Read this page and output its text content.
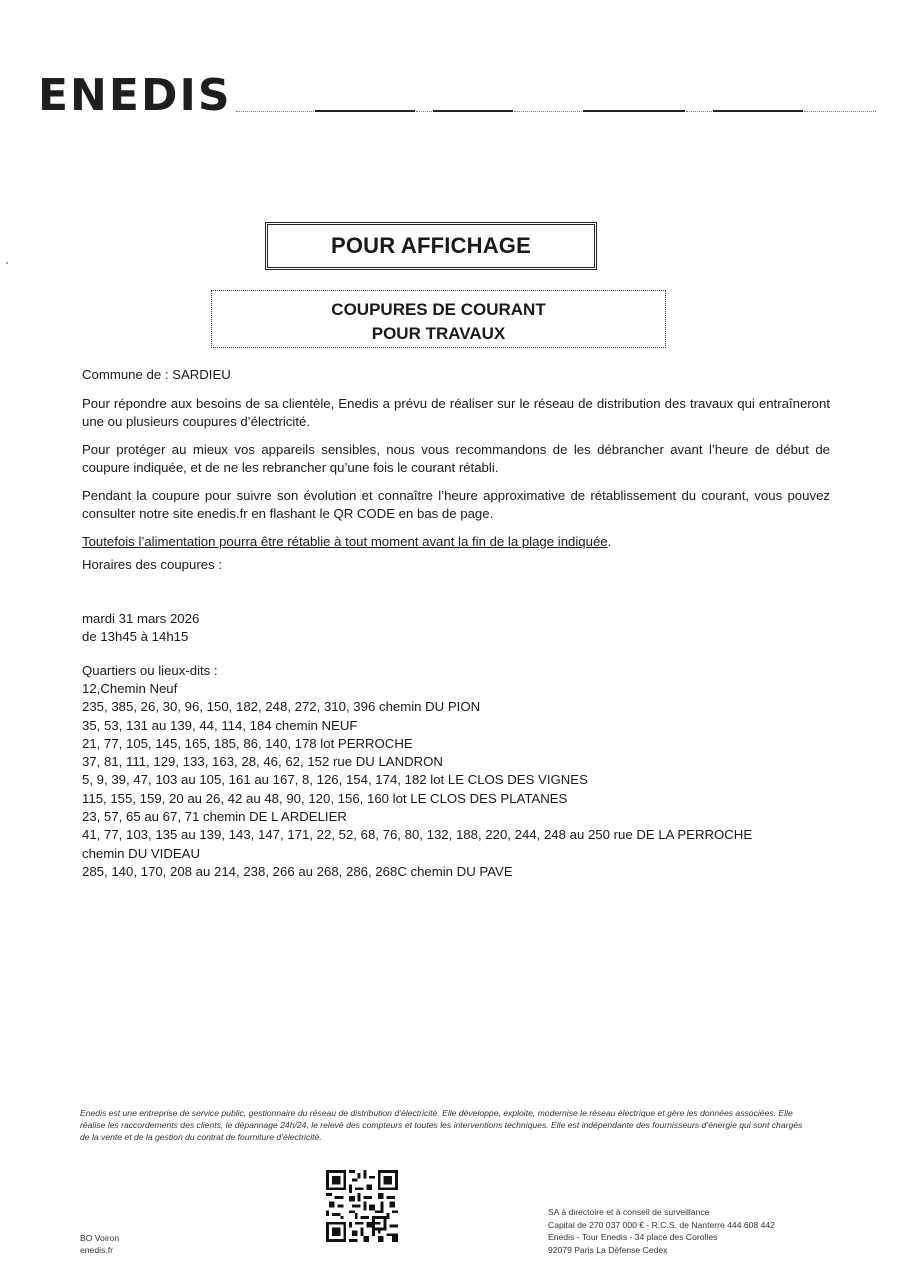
ENEDIS
POUR AFFICHAGE
COUPURES DE COURANT
POUR TRAVAUX

Commune de : SARDIEU

Pour répondre aux besoins de sa clientèle, Enedis a prévu de réaliser sur le réseau de distribution des travaux qui entraîneront une ou plusieurs coupures d’électricité.

Pour protéger au mieux vos appareils sensibles, nous vous recommandons de les débrancher avant l’heure de début de coupure indiquée, et de ne les rebrancher qu’une fois le courant rétabli.

Pendant la coupure pour suivre son évolution et connaître l’heure approximative de rétablissement du courant, vous pouvez consulter notre site enedis.fr en flashant le QR CODE en bas de page.

Toutefois l’alimentation pourra être rétablie à tout moment avant la fin de la plage indiquée.

Horaires des coupures :

mardi 31 mars 2026

de 13h45 à 14h15

Quartiers ou lieux-dits :

12,Chemin Neuf

235, 385, 26, 30, 96, 150, 182, 248, 272, 310, 396 chemin DU PION

35, 53, 131 au 139, 44, 114, 184 chemin NEUF

21, 77, 105, 145, 165, 185, 86, 140, 178 lot PERROCHE

37, 81, 111, 129, 133, 163, 28, 46, 62, 152 rue DU LANDRON

5, 9, 39, 47, 103 au 105, 161 au 167, 8, 126, 154, 174, 182 lot LE CLOS DES VIGNES

115, 155, 159, 20 au 26, 42 au 48, 90, 120, 156, 160 lot LE CLOS DES PLATANES

23, 57, 65 au 67, 71 chemin DE L ARDELIER

41, 77, 103, 135 au 139, 143, 147, 171, 22, 52, 68, 76, 80, 132, 188, 220, 244, 248 au 250 rue DE LA PERROCHE

chemin DU VIDEAU

285, 140, 170, 208 au 214, 238, 266 au 268, 286, 268C chemin DU PAVE

Enedis est une entreprise de service public, gestionnaire du réseau de distribution d’électricité. Elle développe, exploite, modernise le réseau électrique et gère les données associées. Elle réalise les raccordements des clients, le dépannage 24h/24, le relevé des compteurs et toutes les interventions techniques. Elle est indépendante des fournisseurs d’énergie qui sont chargés de la vente et de la gestion du contrat de fourniture d’électricité.
BO Voiron
enedis.fr
SA à directoire et à conseil de surveillance
Capital de 270 037 000 € - R.C.S. de Nanterre 444 608 442
Enedis - Tour Enedis - 34 place des Corolles
92079 Paris La Défense Cedex
